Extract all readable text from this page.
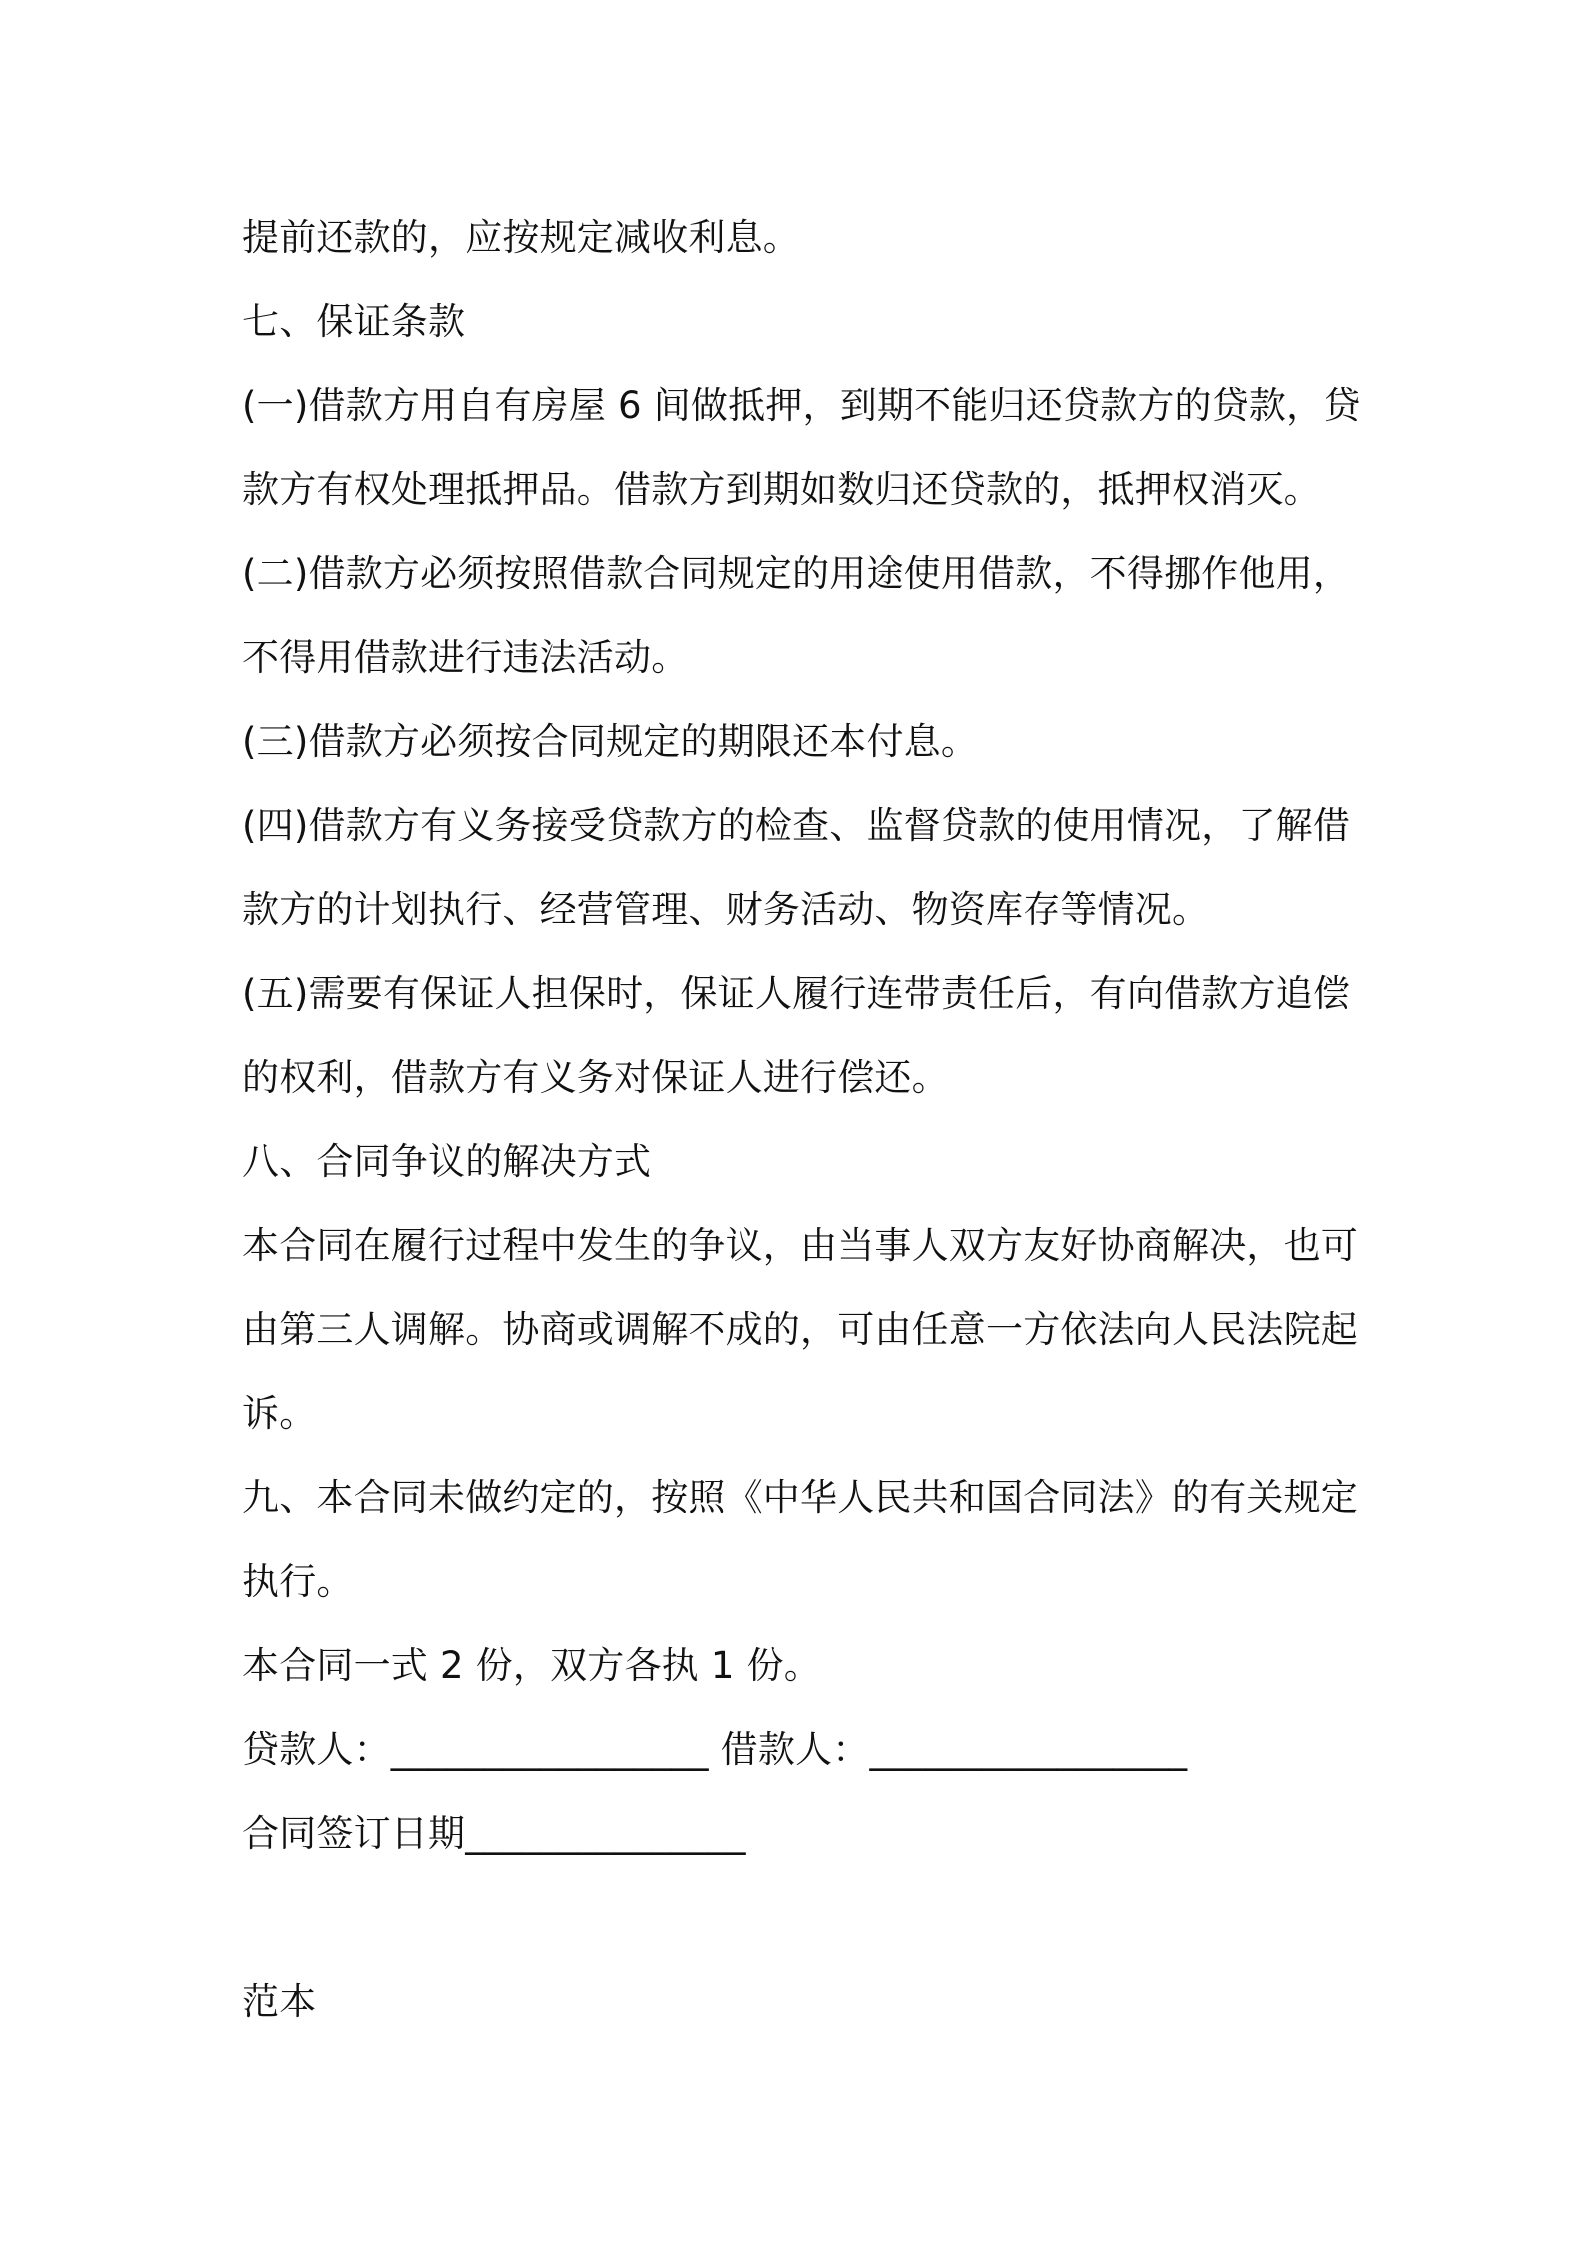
提前还款的，应按规定减收利息。
七、保证条款
(一)借款方用自有房屋 6 间做抵押，到期不能归还贷款方的贷款，贷
款方有权处理抵押品。借款方到期如数归还贷款的，抵押权消灭。
(二)借款方必须按照借款合同规定的用途使用借款，不得挪作他用，
不得用借款进行违法活动。
(三)借款方必须按合同规定的期限还本付息。
(四)借款方有义务接受贷款方的检查、监督贷款的使用情况，了解借
款方的计划执行、经营管理、财务活动、物资库存等情况。
(五)需要有保证人担保时，保证人履行连带责任后，有向借款方追偿
的权利，借款方有义务对保证人进行偿还。
八、合同争议的解决方式
本合同在履行过程中发生的争议，由当事人双方友好协商解决，也可
由第三人调解。协商或调解不成的，可由任意一方依法向人民法院起
诉。
九、本合同未做约定的，按照《中华人民共和国合同法》的有关规定
执行。
本合同一式 2 份，双方各执 1 份。
贷款人：_________________ 借款人：_________________
合同签订日期_______________
范本
